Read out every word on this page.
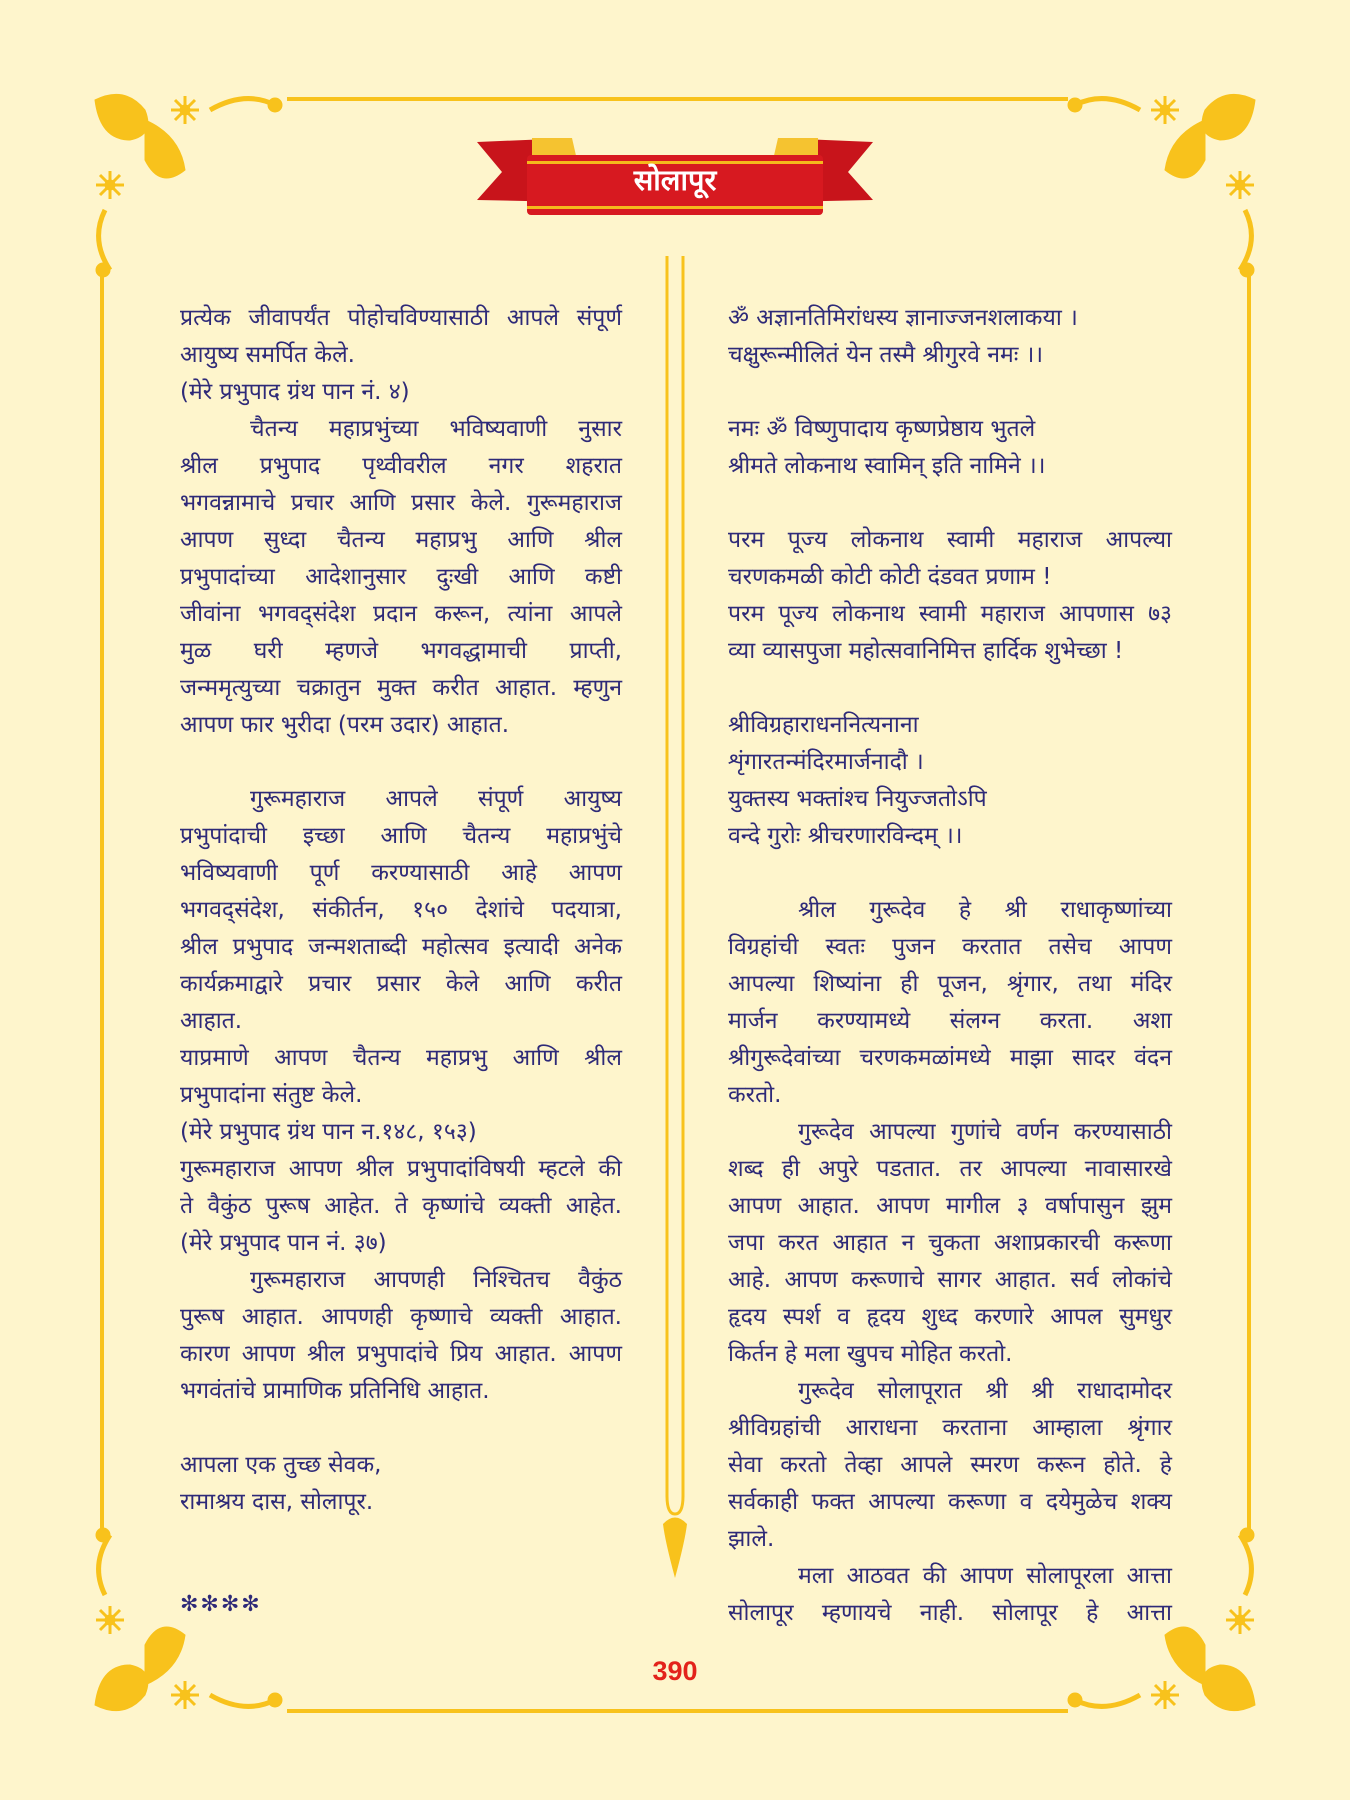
सोलापूर
प्रत्येक जीवापर्यंत पोहोचविण्यासाठी आपले संपूर्ण
आयुष्य समर्पित केले.
(मेरे प्रभुपाद ग्रंथ पान नं. ४)
चैतन्य महाप्रभुंच्या भविष्यवाणी नुसार
श्रील प्रभुपाद पृथ्वीवरील नगर शहरात
भगवन्नामाचे प्रचार आणि प्रसार केले. गुरूमहाराज
आपण सुध्दा चैतन्य महाप्रभु आणि श्रील
प्रभुपादांच्या आदेशानुसार दुःखी आणि कष्टी
जीवांना भगवद्संदेश प्रदान करून, त्यांना आपले
मुळ घरी म्हणजे भगवद्धामाची प्राप्ती,
जन्ममृत्युच्या चक्रातुन मुक्त करीत आहात. म्हणुन
आपण फार भुरीदा (परम उदार) आहात.
गुरूमहाराज आपले संपूर्ण आयुष्य
प्रभुपांदाची इच्छा आणि चैतन्य महाप्रभुंचे
भविष्यवाणी पूर्ण करण्यासाठी आहे आपण
भगवद्संदेश, संकीर्तन, १५० देशांचे पदयात्रा,
श्रील प्रभुपाद जन्मशताब्दी महोत्सव इत्यादी अनेक
कार्यक्रमाद्वारे प्रचार प्रसार केले आणि करीत
आहात.
याप्रमाणे आपण चैतन्य महाप्रभु आणि श्रील
प्रभुपादांना संतुष्ट केले.
(मेरे प्रभुपाद ग्रंथ पान न.१४८, १५३)
गुरूमहाराज आपण श्रील प्रभुपादांविषयी म्हटले की
ते वैकुंठ पुरूष आहेत. ते कृष्णांचे व्यक्ती आहेत.
(मेरे प्रभुपाद पान नं. ३७)
गुरूमहाराज आपणही निश्चितच वैकुंठ
पुरूष आहात. आपणही कृष्णाचे व्यक्ती आहात.
कारण आपण श्रील प्रभुपादांचे प्रिय आहात. आपण
भगवंतांचे प्रामाणिक प्रतिनिधि आहात.
आपला एक तुच्छ सेवक,
रामाश्रय दास, सोलापूर.
ॐ अज्ञानतिमिरांधस्य ज्ञानाज्जनशलाकया ।
चक्षुरून्मीलितं येन तस्मै श्रीगुरवे नमः ।।
नमः ॐ विष्णुपादाय कृष्णप्रेष्ठाय भुतले
श्रीमते लोकनाथ स्वामिन् इति नामिने ।।
परम पूज्य लोकनाथ स्वामी महाराज आपल्या
चरणकमळी कोटी कोटी दंडवत प्रणाम !
परम पूज्य लोकनाथ स्वामी महाराज आपणास ७३
व्या व्यासपुजा महोत्सवानिमित्त हार्दिक शुभेच्छा !
श्रीविग्रहाराधननित्यनाना
शृंगारतन्मंदिरमार्जनादौ ।
युक्तस्य भक्तांश्च नियुज्जतोऽपि
वन्दे गुरोः श्रीचरणारविन्दम् ।।
श्रील गुरूदेव हे श्री राधाकृष्णांच्या
विग्रहांची स्वतः पुजन करतात तसेच आपण
आपल्या शिष्यांना ही पूजन, श्रृंगार, तथा मंदिर
मार्जन करण्यामध्ये संलग्न करता. अशा
श्रीगुरूदेवांच्या चरणकमळांमध्ये माझा सादर वंदन
करतो.
गुरूदेव आपल्या गुणांचे वर्णन करण्यासाठी
शब्द ही अपुरे पडतात. तर आपल्या नावासारखे
आपण आहात. आपण मागील ३ वर्षापासुन झुम
जपा करत आहात न चुकता अशाप्रकारची करूणा
आहे. आपण करूणाचे सागर आहात. सर्व लोकांचे
हृदय स्पर्श व हृदय शुध्द करणारे आपल सुमधुर
किर्तन हे मला खुपच मोहित करतो.
गुरूदेव सोलापूरात श्री श्री राधादामोदर
श्रीविग्रहांची आराधना करताना आम्हाला श्रृंगार
सेवा करतो तेव्हा आपले स्मरण करून होते. हे
सर्वकाही फक्त आपल्या करूणा व दयेमुळेच शक्य
झाले.
मला आठवत की आपण सोलापूरला आत्ता
सोलापूर म्हणायचे नाही. सोलापूर हे आत्ता
✻✻✻✻
390
